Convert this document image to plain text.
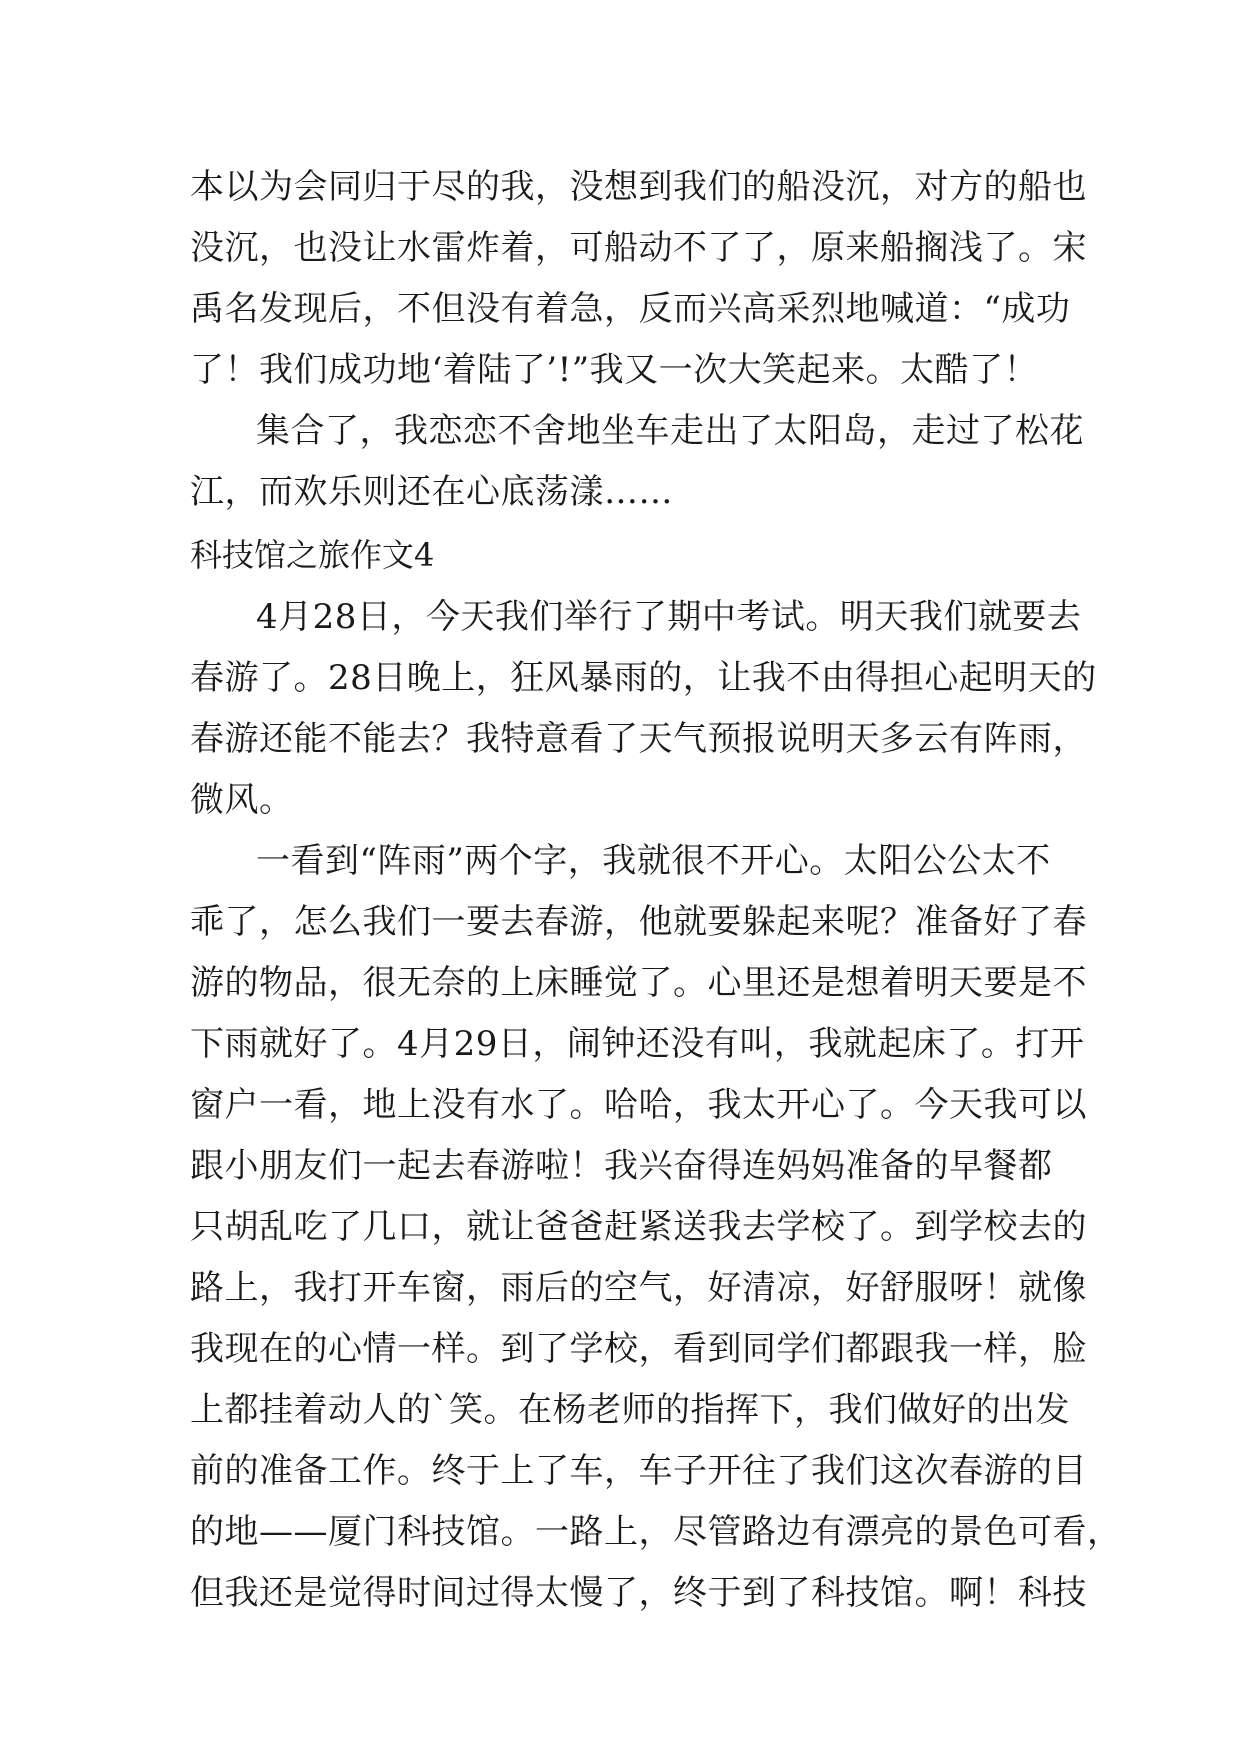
本以为会同归于尽的我，没想到我们的船没沉，对方的船也
没沉，也没让水雷炸着，可船动不了了，原来船搁浅了。宋
禹名发现后，不但没有着急，反而兴高采烈地喊道：“成功
了！我们成功地‘着陆了’!”我又一次大笑起来。太酷了！
集合了，我恋恋不舍地坐车走出了太阳岛，走过了松花
江，而欢乐则还在心底荡漾……
科技馆之旅作文4
4月28日，今天我们举行了期中考试。明天我们就要去
春游了。28日晚上，狂风暴雨的，让我不由得担心起明天的
春游还能不能去？我特意看了天气预报说明天多云有阵雨，
微风。
一看到“阵雨”两个字，我就很不开心。太阳公公太不
乖了，怎么我们一要去春游，他就要躲起来呢？准备好了春
游的物品，很无奈的上床睡觉了。心里还是想着明天要是不
下雨就好了。4月29日，闹钟还没有叫，我就起床了。打开
窗户一看，地上没有水了。哈哈，我太开心了。今天我可以
跟小朋友们一起去春游啦！我兴奋得连妈妈准备的早餐都
只胡乱吃了几口，就让爸爸赶紧送我去学校了。到学校去的
路上，我打开车窗，雨后的空气，好清凉，好舒服呀！就像
我现在的心情一样。到了学校，看到同学们都跟我一样，脸
上都挂着动人的`笑。在杨老师的指挥下，我们做好的出发
前的准备工作。终于上了车，车子开往了我们这次春游的目
的地——厦门科技馆。一路上，尽管路边有漂亮的景色可看，
但我还是觉得时间过得太慢了，终于到了科技馆。啊！科技
